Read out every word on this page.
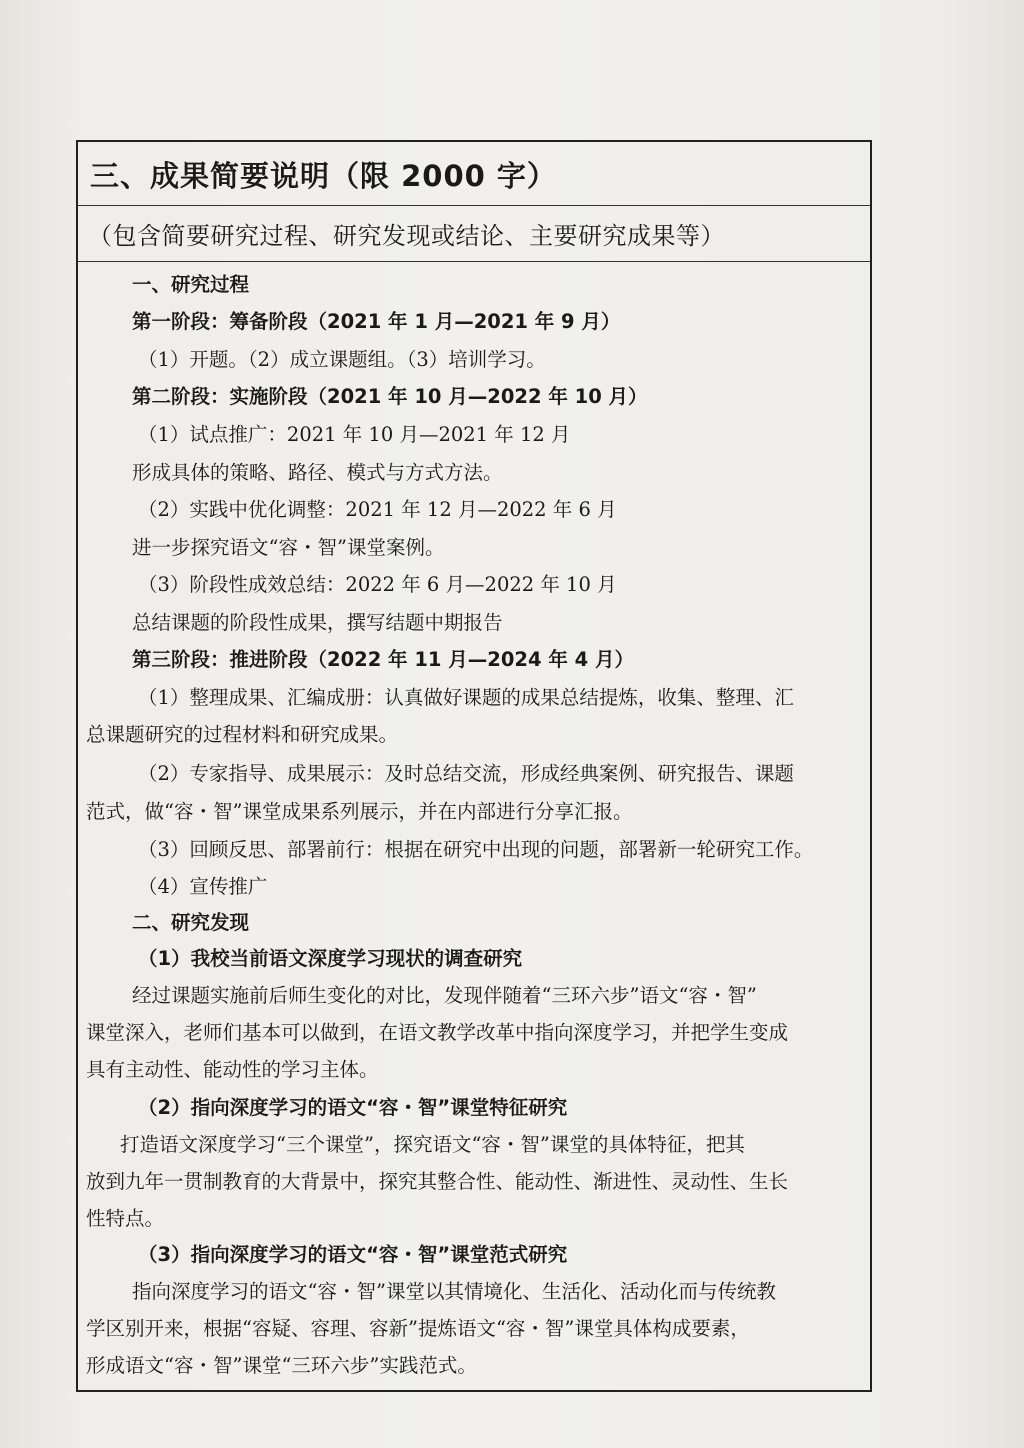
三、成果简要说明（限 2000 字）
（包含简要研究过程、研究发现或结论、主要研究成果等）
一、研究过程
第一阶段：筹备阶段（2021 年 1 月—2021 年 9 月）
（1）开题。（2）成立课题组。（3）培训学习。
第二阶段：实施阶段（2021 年 10 月—2022 年 10 月）
（1）试点推广：2021 年 10 月—2021 年 12 月
形成具体的策略、路径、模式与方式方法。
（2）实践中优化调整：2021 年 12 月—2022 年 6 月
进一步探究语文“容・智”课堂案例。
（3）阶段性成效总结：2022 年 6 月—2022 年 10 月
总结课题的阶段性成果，撰写结题中期报告
第三阶段：推进阶段（2022 年 11 月—2024 年 4 月）
（1）整理成果、汇编成册：认真做好课题的成果总结提炼，收集、整理、汇
总课题研究的过程材料和研究成果。
（2）专家指导、成果展示：及时总结交流，形成经典案例、研究报告、课题
范式，做“容・智”课堂成果系列展示，并在内部进行分享汇报。
（3）回顾反思、部署前行：根据在研究中出现的问题，部署新一轮研究工作。
（4）宣传推广
二、研究发现
（1）我校当前语文深度学习现状的调查研究
经过课题实施前后师生变化的对比，发现伴随着“三环六步”语文“容・智”
课堂深入，老师们基本可以做到，在语文教学改革中指向深度学习，并把学生变成
具有主动性、能动性的学习主体。
（2）指向深度学习的语文“容・智”课堂特征研究
打造语文深度学习“三个课堂”，探究语文“容・智”课堂的具体特征，把其
放到九年一贯制教育的大背景中，探究其整合性、能动性、渐进性、灵动性、生长
性特点。
（3）指向深度学习的语文“容・智”课堂范式研究
指向深度学习的语文“容・智”课堂以其情境化、生活化、活动化而与传统教
学区别开来，根据“容疑、容理、容新”提炼语文“容・智”课堂具体构成要素，
形成语文“容・智”课堂“三环六步”实践范式。
